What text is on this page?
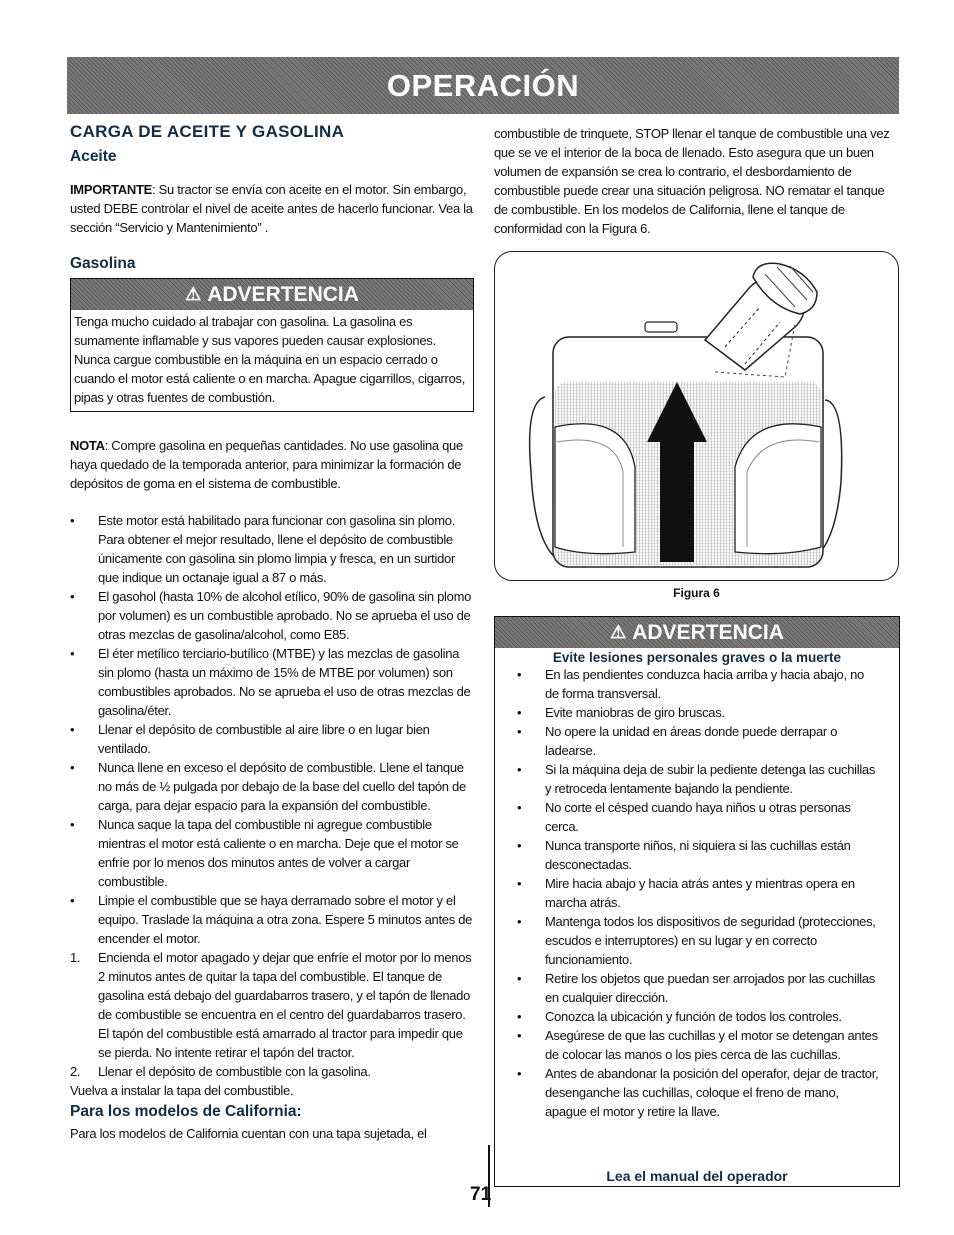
OPERACIÓN
CARGA DE ACEITE Y GASOLINA
Aceite

IMPORTANTE: Su tractor se envía con aceite en el motor. Sin embargo, usted DEBE controlar el nivel de aceite antes de hacerlo funcionar. Vea la sección “Servicio y Mantenimiento” .

Gasolina
⚠ ADVERTENCIA

Tenga mucho cuidado al trabajar con gasolina. La gasolina es sumamente inflamable y sus vapores pueden causar explosiones. Nunca cargue combustible en la máquina en un espacio cerrado o cuando el motor está caliente o en marcha. Apague cigarrillos, cigarros, pipas y otras fuentes de combustión.

NOTA: Compre gasolina en pequeñas cantidades. No use gasolina que haya quedado de la temporada anterior, para minimizar la formación de depósitos de goma en el sistema de combustible.

•	Este motor está habilitado para funcionar con gasolina sin plomo. Para obtener el mejor resultado, llene el depósito de combustible únicamente con gasolina sin plomo limpia y fresca, en un surtidor que indique un octanaje igual a 87 o más.
•	El gasohol (hasta 10% de alcohol etílico, 90% de gasolina sin plomo por volumen) es un combustible aprobado. No se aprueba el uso de otras mezclas de gasolina/alcohol, como E85.
•	El éter metílico terciario-butílico (MTBE) y las mezclas de gasolina sin plomo (hasta un máximo de 15% de MTBE por volumen) son combustibles aprobados. No se aprueba el uso de otras mezclas de gasolina/éter.
•	Llenar el depósito de combustible al aire libre o en lugar bien ventilado.
•	Nunca llene en exceso el depósito de combustible. Llene el tanque no más de ½ pulgada por debajo de la base del cuello del tapón de carga, para dejar espacio para la expansión del combustible.
•	Nunca saque la tapa del combustible ni agregue combustible mientras el motor está caliente o en marcha. Deje que el motor se enfríe por lo menos dos minutos antes de volver a cargar combustible.
•	Limpie el combustible que se haya derramado sobre el motor y el equipo. Traslade la máquina a otra zona. Espere 5 minutos antes de encender el motor.
1.	Encienda el motor apagado y dejar que enfríe el motor por lo menos 2 minutos antes de quitar la tapa del combustible. El tanque de gasolina está debajo del guardabarros trasero, y el tapón de llenado de combustible se encuentra en el centro del guardabarros trasero. El tapón del combustible está amarrado al tractor para impedir que se pierda. No intente retirar el tapón del tractor.
2.	Llenar el depósito de combustible con la gasolina.

Vuelva a instalar la tapa del combustible.

Para los modelos de California:

Para los modelos de California cuentan con una tapa sujetada, el

combustible de trinquete, STOP llenar el tanque de combustible una vez que se ve el interior de la boca de llenado. Esto asegura que un buen volumen de expansión se crea lo contrario, el desbordamiento de combustible puede crear una situación peligrosa. NO rematar el tanque de combustible. En los modelos de California, llene el tanque de conformidad con la Figura 6.

Figura 6
⚠ ADVERTENCIA
Evite lesiones personales graves o la muerte
•	En las pendientes conduzca hacia arriba y hacia abajo, no de forma transversal.
•	Evite maniobras de giro bruscas.
•	No opere la unidad en áreas donde puede derrapar o ladearse.
•	Si la máquina deja de subir la pediente detenga las cuchillas y retroceda lentamente bajando la pendiente.
•	No corte el césped cuando haya niños u otras personas cerca.
•	Nunca transporte niños, ni siquiera si las cuchillas están desconectadas.
•	Mire hacia abajo y hacia atrás antes y mientras opera en marcha atrás.
•	Mantenga todos los dispositivos de seguridad (protecciones, escudos e interruptores) en su lugar y en correcto funcionamiento.
•	Retire los objetos que puedan ser arrojados por las cuchillas en cualquier dirección.
•	Conozca la ubicación y función de todos los controles.
•	Asegúrese de que las cuchillas y el motor se detengan antes de colocar las manos o los pies cerca de las cuchillas.
•	Antes de abandonar la posición del operafor, dejar de tractor, desenganche las cuchillas, coloque el freno de mano, apague el motor y retire la llave.
Lea el manual del operador
71
